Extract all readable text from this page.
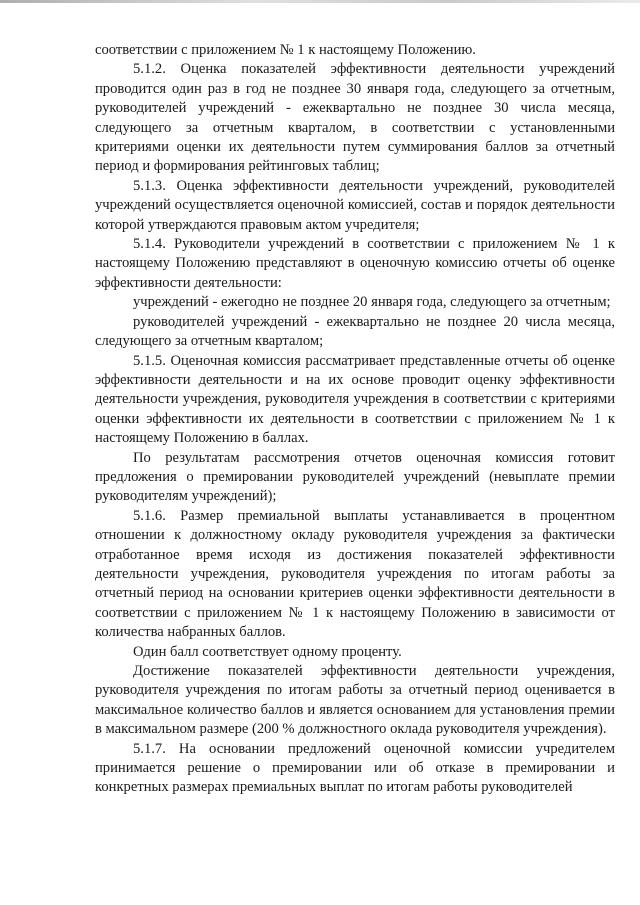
соответствии с приложением № 1 к настоящему Положению.

5.1.2. Оценка показателей эффективности деятельности учреждений проводится один раз в год не позднее 30 января года, следующего за отчетным, руководителей учреждений - ежеквартально не позднее 30 числа месяца, следующего за отчетным кварталом, в соответствии с установленными критериями оценки их деятельности путем суммирования баллов за отчетный период и формирования рейтинговых таблиц;

5.1.3. Оценка эффективности деятельности учреждений, руководителей учреждений осуществляется оценочной комиссией, состав и порядок деятельности которой утверждаются правовым актом учредителя;

5.1.4. Руководители учреждений в соответствии с приложением № 1 к настоящему Положению представляют в оценочную комиссию отчеты об оценке эффективности деятельности:

учреждений - ежегодно не позднее 20 января года, следующего за отчетным;

руководителей учреждений - ежеквартально не позднее 20 числа месяца, следующего за отчетным кварталом;

5.1.5. Оценочная комиссия рассматривает представленные отчеты об оценке эффективности деятельности и на их основе проводит оценку эффективности деятельности учреждения, руководителя учреждения в соответствии с критериями оценки эффективности их деятельности в соответствии с приложением № 1 к настоящему Положению в баллах.

По результатам рассмотрения отчетов оценочная комиссия готовит предложения о премировании руководителей учреждений (невыплате премии руководителям учреждений);

5.1.6. Размер премиальной выплаты устанавливается в процентном отношении к должностному окладу руководителя учреждения за фактически отработанное время исходя из достижения показателей эффективности деятельности учреждения, руководителя учреждения по итогам работы за отчетный период на основании критериев оценки эффективности деятельности в соответствии с приложением № 1 к настоящему Положению в зависимости от количества набранных баллов.

Один балл соответствует одному проценту.

Достижение показателей эффективности деятельности учреждения, руководителя учреждения по итогам работы за отчетный период оценивается в максимальное количество баллов и является основанием для установления премии в максимальном размере (200 % должностного оклада руководителя учреждения).

5.1.7. На основании предложений оценочной комиссии учредителем принимается решение о премировании или об отказе в премировании и конкретных размерах премиальных выплат по итогам работы руководителей
